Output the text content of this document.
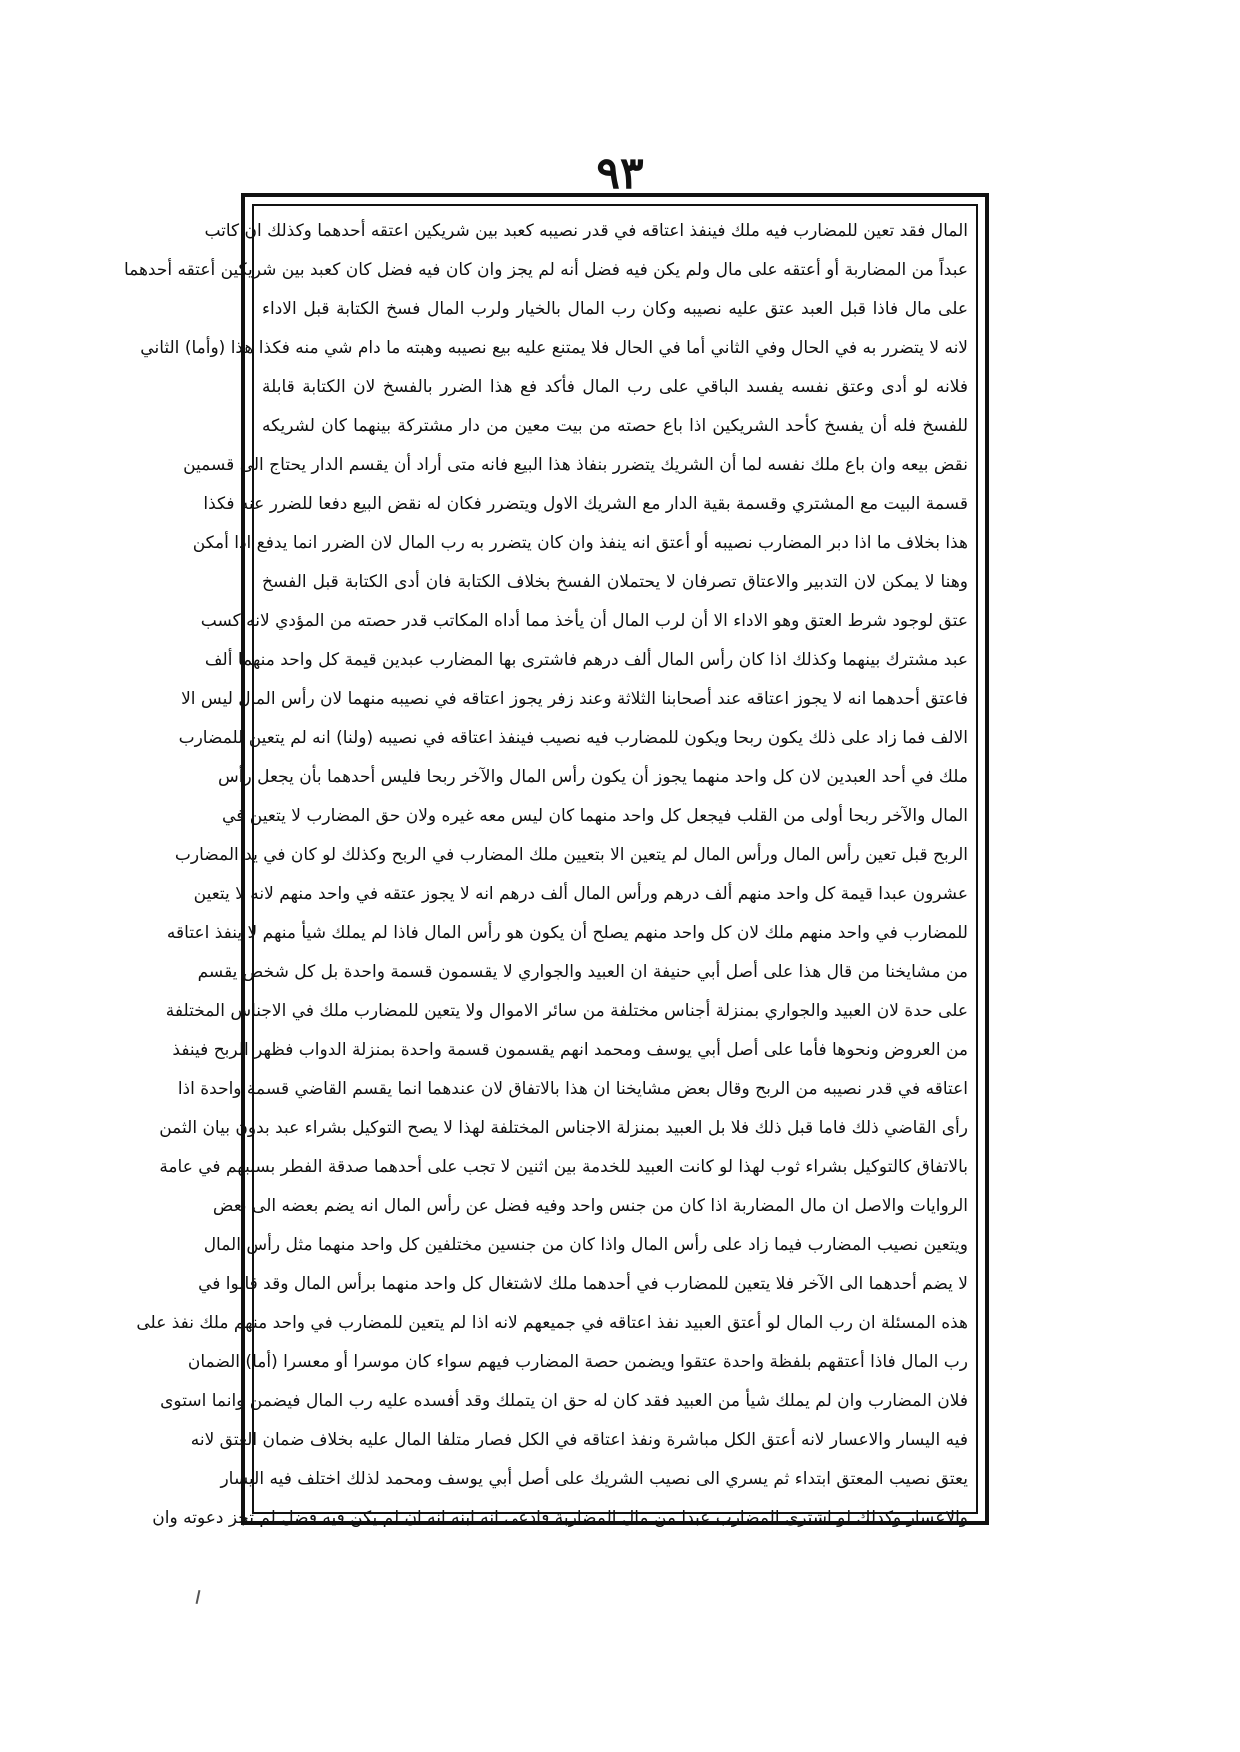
٩٣
المال فقد تعين للمضارب فيه ملك فينفذ اعتاقه في قدر نصيبه كعبد بين شريكين اعتقه أحدهما وكذلك ان كاتب
عبداً من المضاربة أو أعتقه على مال ولم يكن فيه فضل أنه لم يجز وان كان فيه فضل كان كعبد بين شريكين أعتقه أحدهما
على مال فاذا قبل العبد عتق عليه نصيبه وكان رب المال بالخيار ولرب المال فسخ الكتابة قبل الاداء
لانه لا يتضرر به في الحال وفي الثاني أما في الحال فلا يمتنع عليه بيع نصيبه وهبته ما دام شي منه فكذا هذا (وأما) الثاني
فلانه لو أدى وعتق نفسه يفسد الباقي على رب المال فأكد فع هذا الضرر بالفسخ لان الكتابة قابلة
للفسخ فله أن يفسخ كأحد الشريكين اذا باع حصته من بيت معين من دار مشتركة بينهما كان لشريكه
نقض بيعه وان باع ملك نفسه لما أن الشريك يتضرر بنفاذ هذا البيع فانه متى أراد أن يقسم الدار يحتاج الى قسمين
قسمة البيت مع المشتري وقسمة بقية الدار مع الشريك الاول ويتضرر فكان له نقض البيع دفعا للضرر عنه فكذا
هذا بخلاف ما اذا دبر المضارب نصيبه أو أعتق انه ينفذ وان كان يتضرر به رب المال لان الضرر انما يدفع اذا أمكن
وهنا لا يمكن لان التدبير والاعتاق تصرفان لا يحتملان الفسخ بخلاف الكتابة فان أدى الكتابة قبل الفسخ
عتق لوجود شرط العتق وهو الاداء الا أن لرب المال أن يأخذ مما أداه المكاتب قدر حصته من المؤدي لانه كسب
عبد مشترك بينهما وكذلك اذا كان رأس المال ألف درهم فاشترى بها المضارب عبدين قيمة كل واحد منهما ألف
فاعتق أحدهما انه لا يجوز اعتاقه عند أصحابنا الثلاثة وعند زفر يجوز اعتاقه في نصيبه منهما لان رأس المال ليس الا
الالف فما زاد على ذلك يكون ربحا ويكون للمضارب فيه نصيب فينفذ اعتاقه في نصيبه (ولنا) انه لم يتعين للمضارب
ملك في أحد العبدين لان كل واحد منهما يجوز أن يكون رأس المال والآخر ربحا فليس أحدهما بأن يجعل رأس
المال والآخر ربحا أولى من القلب فيجعل كل واحد منهما كان ليس معه غيره ولان حق المضارب لا يتعين في
الربح قبل تعين رأس المال ورأس المال لم يتعين الا بتعيين ملك المضارب في الربح وكذلك لو كان في يد المضارب
عشرون عبدا قيمة كل واحد منهم ألف درهم ورأس المال ألف درهم انه لا يجوز عتقه في واحد منهم لانه لا يتعين
للمضارب في واحد منهم ملك لان كل واحد منهم يصلح أن يكون هو رأس المال فاذا لم يملك شيأ منهم لا ينفذ اعتاقه
من مشايخنا من قال هذا على أصل أبي حنيفة ان العبيد والجواري لا يقسمون قسمة واحدة بل كل شخص يقسم
على حدة لان العبيد والجواري بمنزلة أجناس مختلفة من سائر الاموال ولا يتعين للمضارب ملك في الاجناس المختلفة
من العروض ونحوها فأما على أصل أبي يوسف ومحمد انهم يقسمون قسمة واحدة بمنزلة الدواب فظهر الربح فينفذ
اعتاقه في قدر نصيبه من الربح وقال بعض مشايخنا ان هذا بالاتفاق لان عندهما انما يقسم القاضي قسمة واحدة اذا
رأى القاضي ذلك فاما قبل ذلك فلا بل العبيد بمنزلة الاجناس المختلفة لهذا لا يصح التوكيل بشراء عبد بدون بيان الثمن
بالاتفاق كالتوكيل بشراء ثوب لهذا لو كانت العبيد للخدمة بين اثنين لا تجب على أحدهما صدقة الفطر بسببهم في عامة
الروايات والاصل ان مال المضاربة اذا كان من جنس واحد وفيه فضل عن رأس المال انه يضم بعضه الى بعض
ويتعين نصيب المضارب فيما زاد على رأس المال واذا كان من جنسين مختلفين كل واحد منهما مثل رأس المال
لا يضم أحدهما الى الآخر فلا يتعين للمضارب في أحدهما ملك لاشتغال كل واحد منهما برأس المال وقد قالوا في
هذه المسئلة ان رب المال لو أعتق العبيد نفذ اعتاقه في جميعهم لانه اذا لم يتعين للمضارب في واحد منهم ملك نفذ على
رب المال فاذا أعتقهم بلفظة واحدة عتقوا ويضمن حصة المضارب فيهم سواء كان موسرا أو معسرا (أما) الضمان
فلان المضارب وان لم يملك شيأ من العبيد فقد كان له حق ان يتملك وقد أفسده عليه رب المال فيضمن وانما استوى
فيه اليسار والاعسار لانه أعتق الكل مباشرة ونفذ اعتاقه في الكل فصار متلفا المال عليه بخلاف ضمان العتق لانه
يعتق نصيب المعتق ابتداء ثم يسري الى نصيب الشريك على أصل أبي يوسف ومحمد لذلك اختلف فيه اليسار
والاعسار وكذلك لو اشترى المضارب عبدا من مال المضاربة فادعى انه ابنه انه ان لم يكن فيه فضل لم تجز دعوته وان
